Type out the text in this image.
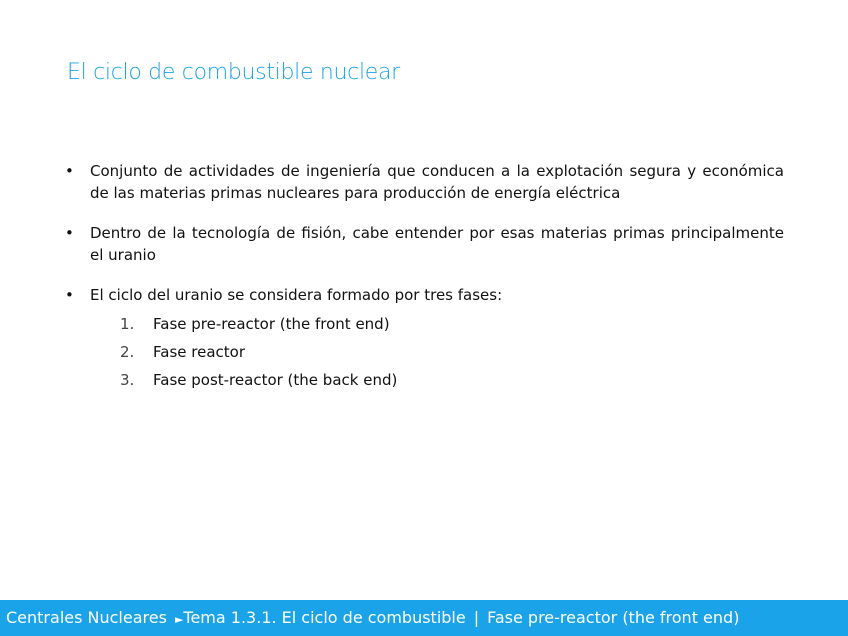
El ciclo de combustible nuclear
• Conjunto de actividades de ingeniería que conducen a la explotación segura y económica de las materias primas nucleares para producción de energía eléctrica
• Dentro de la tecnología de fisión, cabe entender por esas materias primas principalmente el uranio
• El ciclo del uranio se considera formado por tres fases:
1. Fase pre-reactor (the front end)
2. Fase reactor
3. Fase post-reactor (the back end)
Centrales Nucleares ►Tema 1.3.1. El ciclo de combustible | Fase pre-reactor (the front end)
